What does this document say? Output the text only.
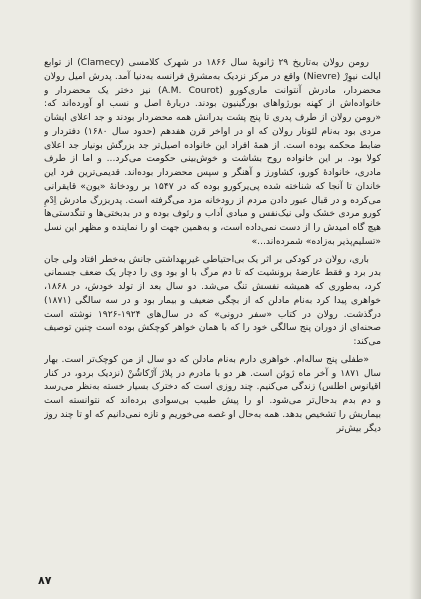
رومن رولان به‌تاریخ ۲۹ ژانویهٔ سال ۱۸۶۶ در شهرک کلامسی (Clamecy) از توابع ایالت نیوِرْ (Nievre) واقع در مرکز نزدیک به‌مشرق فرانسه به‌دنیا آمد. پدرش امیل رولان محضردار، مادرش آنتوانت ماری‌کورو (A.M. Courot) نیز دختر یک محضردار و خانواده‌اش از کهنه بورژواهای بورگینیون بودند. دربارهٔ اصل و نسب او آورده‌اند که: «رومن رولان از طرف پدری تا پنج پشت بدرانش همه محضردار بودند و جد اعلای ایشان مردی بود به‌نام لئونار رولان که او در اواخر قرن هفدهم (حدود سال ۱۶۸۰) دفتردار و ضابط محکمه بوده است. از همهٔ افراد این خانواده اصیل‌تر جد بزرگش بونیار جد اعلای کولا بود. بر این خانواده روح بشاشت و خوش‌بینی حکومت می‌کرد... و اما از طرف مادری، خانوادهٔ کورو، کشاورز و آهنگر و سپس محضردار بوده‌اند. قدیمی‌ترین فرد این خاندان تا آنجا که شناخته شده پی‌یرکورو بوده که در ۱۵۴۷ بر رودخانهٔ «یون» قایقرانی می‌کرده و در قبال عبور دادن مردم از رودخانه مزد می‌گرفته است. پدربزرگ مادرش اِدْمِ کورو مردی خشک ولی نیک‌نفس و مبادی آداب و رئوف بوده و در بدبختی‌ها و تنگدستی‌ها هیچ گاه امیدش را از دست نمی‌داده است، و به‌همین جهت او را نماینده و مظهر این نسل «تسلیم‌پذیر به‌زاده» شمرده‌اند...»

باری، رولان در کودکی بر اثر یک بی‌احتیاطی غیربهداشتی جانش به‌خطر افتاد ولی جان بدر برد و فقط عارضهٔ برونشیت که تا دم مرگ با او بود وی را دچار یک ضعف جسمانی کرد، به‌طوری که همیشه نفسش تنگ می‌شد. دو سال بعد از تولد خودش، در ۱۸۶۸، خواهری پیدا کرد به‌نام مادلن که از بچگی ضعیف و بیمار بود و در سه سالگی (۱۸۷۱) درگذشت. رولان در کتاب «سفر درونی» که در سال‌های ۱۹۲۴-۱۹۲۶ نوشته است صحنه‌ای از دوران پنج سالگی خود را که با همان خواهر کوچکش بوده است چنین توصیف می‌کند:

«طفلی پنج ساله‌ام. خواهری دارم به‌نام مادلن که دو سال از من کوچک‌تر است. بهار سال ۱۸۷۱ و آخر ماه ژوئن است. هر دو با مادرم در پلاژ آرْکاشُنْ (نزدیک بردو، در کنار اقیانوس اطلس) زندگی می‌کنیم. چند روزی است که دخترک بسیار خسته به‌نظر می‌رسد و دم بدم بدحال‌تر می‌شود. او را پیش طبیب بی‌سوادی برده‌اند که نتوانسته است بیماریش را تشخیص بدهد. همه به‌حال او غصه می‌خوریم و تازه نمی‌دانیم که او تا چند روز دیگر بیش‌تر

۸۷
